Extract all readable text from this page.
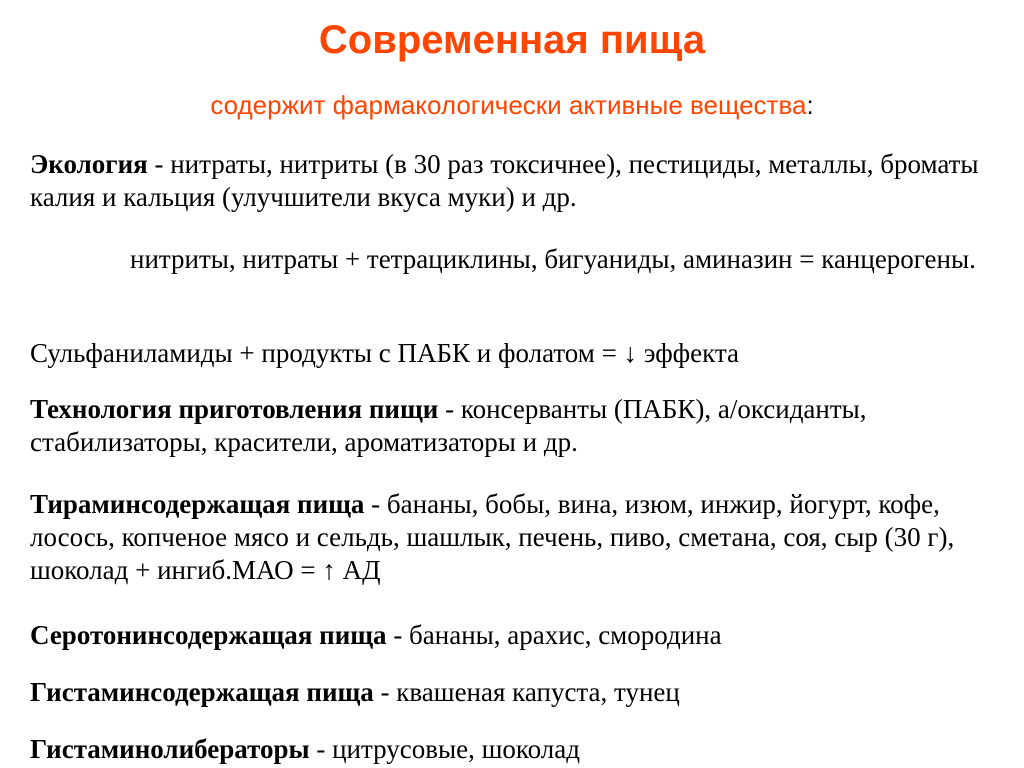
Современная пища
содержит фармакологически активные вещества:
Экология - нитраты, нитриты (в 30 раз токсичнее), пестициды, металлы, броматы калия и кальция (улучшители вкуса муки) и др.
нитриты, нитраты + тетрациклины, бигуаниды, аминазин = канцерогены.
Сульфаниламиды + продукты с ПАБК и фолатом = ↓ эффекта
Технология приготовления пищи - консерванты (ПАБК), а/оксиданты, стабилизаторы, красители, ароматизаторы и др.
Тираминсодержащая пища - бананы, бобы, вина, изюм, инжир, йогурт, кофе, лосось, копченое мясо и сельдь, шашлык, печень, пиво, сметана, соя, сыр (30 г), шоколад + ингиб.МАО = ↑ АД
Серотонинсодержащая пища - бананы, арахис, смородина
Гистаминсодержащая пища - квашеная капуста, тунец
Гистаминолибераторы - цитрусовые, шоколад
